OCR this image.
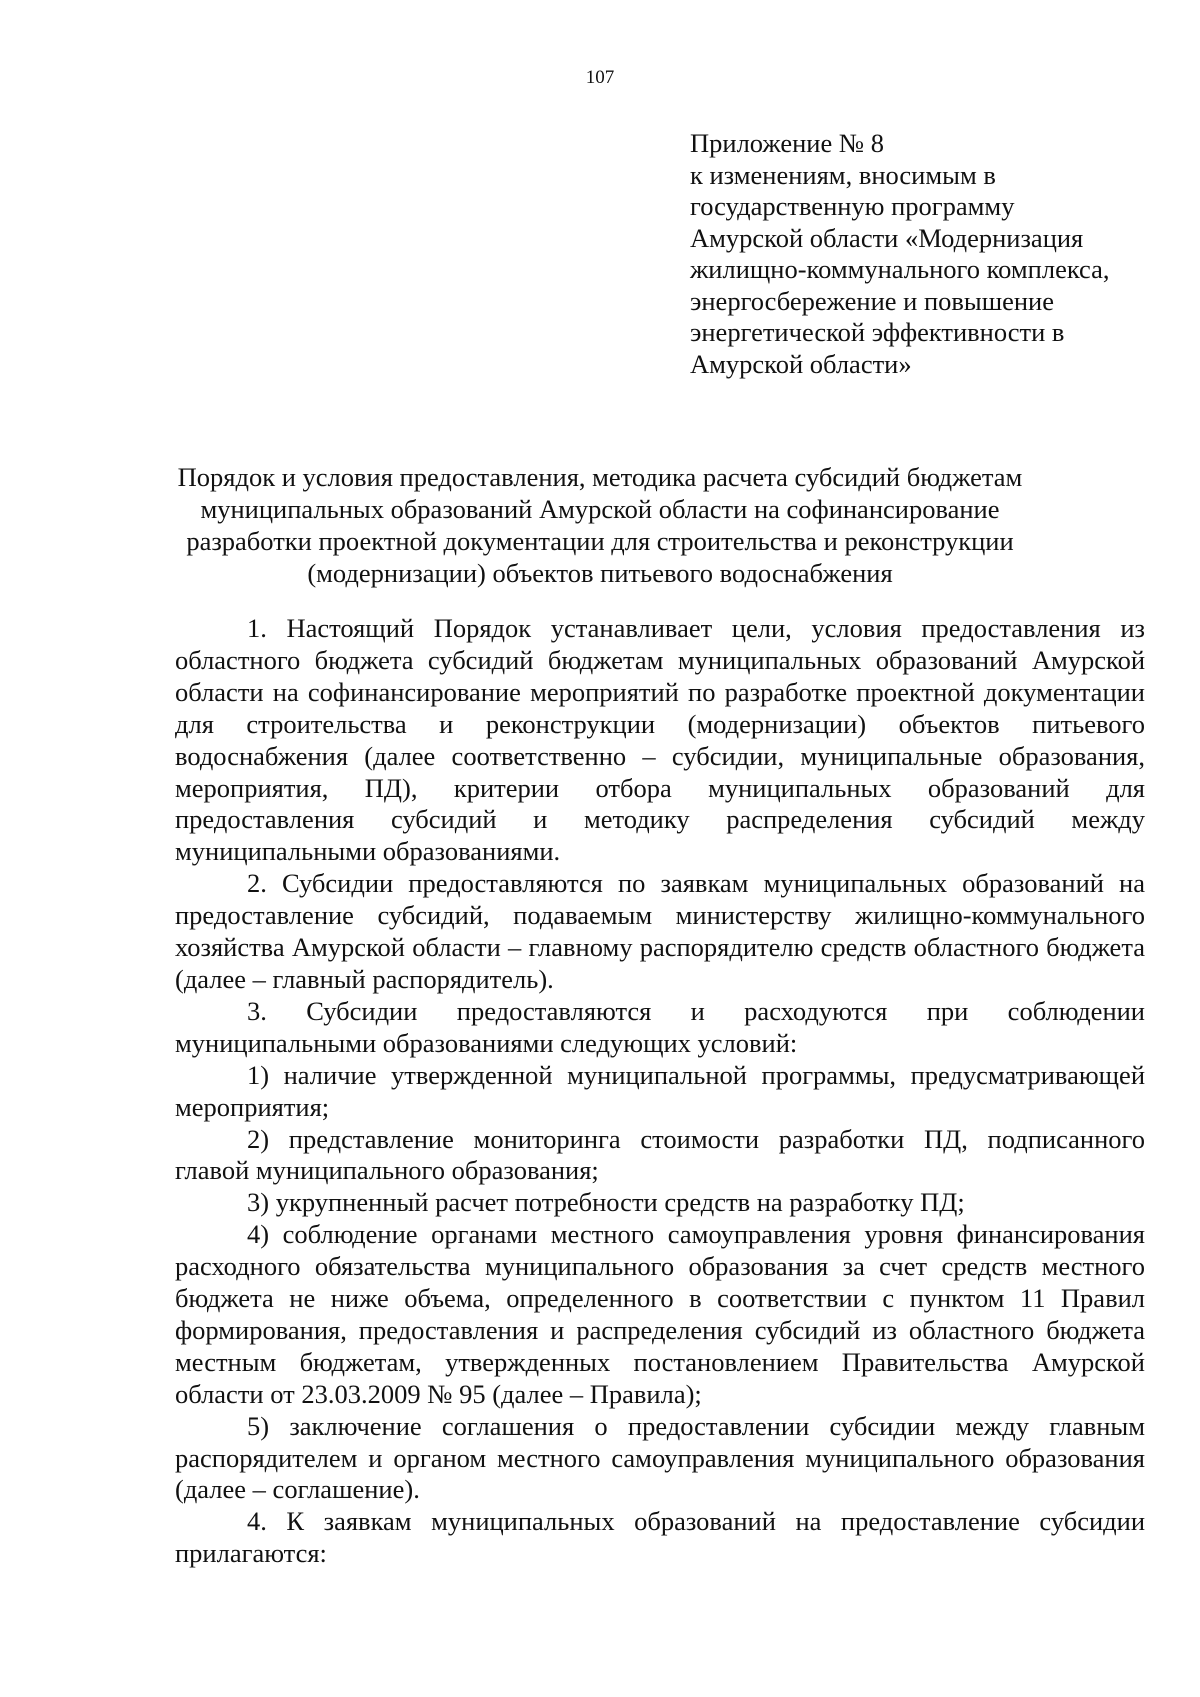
107
Приложение № 8
к изменениям, вносимым в
государственную программу
Амурской области «Модернизация
жилищно-коммунального комплекса,
энергосбережение и повышение
энергетической эффективности в
Амурской области»
Порядок и условия предоставления, методика расчета субсидий бюджетам
муниципальных образований Амурской области на софинансирование
разработки проектной документации для строительства и реконструкции
(модернизации) объектов питьевого водоснабжения

1. Настоящий Порядок устанавливает цели, условия предоставления из областного бюджета субсидий бюджетам муниципальных образований Амурской области на софинансирование мероприятий по разработке проектной документации для строительства и реконструкции (модернизации) объектов питьевого водоснабжения (далее соответственно – субсидии, муниципальные образования, мероприятия, ПД), критерии отбора муниципальных образований для предоставления субсидий и методику распределения субсидий между муниципальными образованиями.

2. Субсидии предоставляются по заявкам муниципальных образований на предоставление субсидий, подаваемым министерству жилищно-коммунального хозяйства Амурской области – главному распорядителю средств областного бюджета (далее – главный распорядитель).

3. Субсидии предоставляются и расходуются при соблюдении муниципальными образованиями следующих условий:

1) наличие утвержденной муниципальной программы, предусматривающей мероприятия;

2) представление мониторинга стоимости разработки ПД, подписанного главой муниципального образования;

3) укрупненный расчет потребности средств на разработку ПД;

4) соблюдение органами местного самоуправления уровня финансирования расходного обязательства муниципального образования за счет средств местного бюджета не ниже объема, определенного в соответствии с пунктом 11 Правил формирования, предоставления и распределения субсидий из областного бюджета местным бюджетам, утвержденных постановлением Правительства Амурской области от 23.03.2009 № 95 (далее – Правила);

5) заключение соглашения о предоставлении субсидии между главным распорядителем и органом местного самоуправления муниципального образования (далее – соглашение).

4. К заявкам муниципальных образований на предоставление субсидии прилагаются:
